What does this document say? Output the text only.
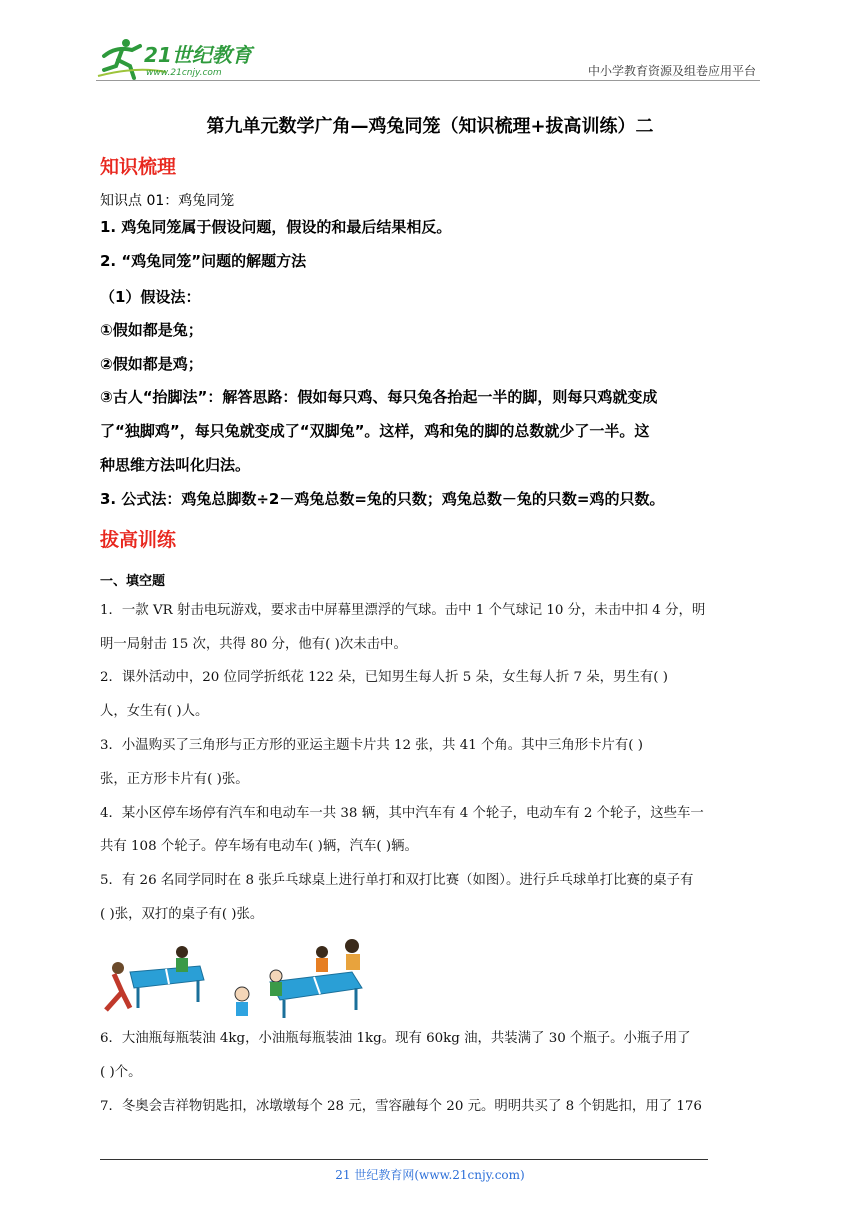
21世纪教育
www.21cnjy.com	中小学教育资源及组卷应用平台
第九单元数学广角—鸡兔同笼（知识梳理+拔高训练）二
知识梳理
知识点 01：鸡兔同笼
1. 鸡兔同笼属于假设问题，假设的和最后结果相反。
2. “鸡兔同笼”问题的解题方法
（1）假设法：
①假如都是兔；
②假如都是鸡；
③古人“抬脚法”：解答思路：假如每只鸡、每只兔各抬起一半的脚，则每只鸡就变成
了“独脚鸡”，每只兔就变成了“双脚兔”。这样，鸡和兔的脚的总数就少了一半。这
种思维方法叫化归法。
3. 公式法：鸡兔总脚数÷2－鸡兔总数=兔的只数；鸡兔总数－兔的只数=鸡的只数。
拔高训练
一、填空题
1．一款 VR 射击电玩游戏，要求击中屏幕里漂浮的气球。击中 1 个气球记 10 分，未击中扣 4 分，明
明一局射击 15 次，共得 80 分，他有( )次未击中。
2．课外活动中，20 位同学折纸花 122 朵，已知男生每人折 5 朵，女生每人折 7 朵，男生有( )
人，女生有( )人。
3．小温购买了三角形与正方形的亚运主题卡片共 12 张，共 41 个角。其中三角形卡片有( )
张，正方形卡片有( )张。
4．某小区停车场停有汽车和电动车一共 38 辆，其中汽车有 4 个轮子，电动车有 2 个轮子，这些车一
共有 108 个轮子。停车场有电动车( )辆，汽车( )辆。
5．有 26 名同学同时在 8 张乒乓球桌上进行单打和双打比赛（如图）。进行乒乓球单打比赛的桌子有
( )张，双打的桌子有( )张。
6．大油瓶每瓶装油 4kg，小油瓶每瓶装油 1kg。现有 60kg 油，共装满了 30 个瓶子。小瓶子用了
( )个。
7．冬奥会吉祥物钥匙扣，冰墩墩每个 28 元，雪容融每个 20 元。明明共买了 8 个钥匙扣，用了 176
21 世纪教育网(www.21cnjy.com)
